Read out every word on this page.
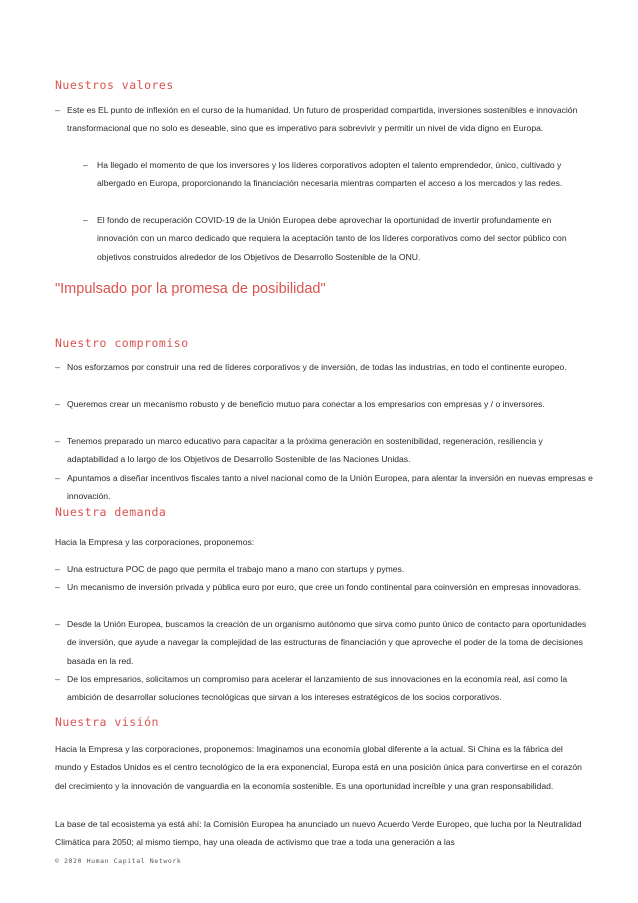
Nuestros valores
– Este es EL punto de inflexión en el curso de la humanidad. Un futuro de prosperidad compartida, inversiones sostenibles e innovación transformacional que no solo es deseable, sino que es imperativo para sobrevivir y permitir un nivel de vida digno en Europa.
– Ha llegado el momento de que los inversores y los líderes corporativos adopten el talento emprendedor, único, cultivado y albergado en Europa, proporcionando la financiación necesaria mientras comparten el acceso a los mercados y las redes.
– El fondo de recuperación COVID-19 de la Unión Europea debe aprovechar la oportunidad de invertir profundamente en innovación con un marco dedicado que requiera la aceptación tanto de los líderes corporativos como del sector público con objetivos construidos alrededor de los Objetivos de Desarrollo Sostenible de la ONU.
"Impulsado por la promesa de posibilidad"
Nuestro compromiso
– Nos esforzamos por construir una red de líderes corporativos y de inversión, de todas las industrias, en todo el continente europeo.
– Queremos crear un mecanismo robusto y de beneficio mutuo para conectar a los empresarios con empresas y / o inversores.
– Tenemos preparado un marco educativo para capacitar a la próxima generación en sostenibilidad, regeneración, resiliencia y adaptabilidad a lo largo de los Objetivos de Desarrollo Sostenible de las Naciones Unidas.
– Apuntamos a diseñar incentivos fiscales tanto a nivel nacional como de la Unión Europea, para alentar la inversión en nuevas empresas e innovación.
Nuestra demanda
Hacia la Empresa y las corporaciones, proponemos:
– Una estructura POC de pago que permita el trabajo mano a mano con startups y pymes.
– Un mecanismo de inversión privada y pública euro por euro, que cree un fondo continental para coinversión en empresas innovadoras.
– Desde la Unión Europea, buscamos la creación de un organismo autónomo que sirva como punto único de contacto para oportunidades de inversión, que ayude a navegar la complejidad de las estructuras de financiación y que aproveche el poder de la toma de decisiones basada en la red.
– De los empresarios, solicitamos un compromiso para acelerar el lanzamiento de sus innovaciones en la economía real, así como la ambición de desarrollar soluciones tecnológicas que sirvan a los intereses estratégicos de los socios corporativos.
Nuestra visión

Hacia la Empresa y las corporaciones, proponemos: Imaginamos una economía global diferente a la actual. Si China es la fábrica del mundo y Estados Unidos es el centro tecnológico de la era exponencial, Europa está en una posición única para convertirse en el corazón del crecimiento y la innovación de vanguardia en la economía sostenible. Es una oportunidad increíble y una gran responsabilidad.

La base de tal ecosistema ya está ahí: la Comisión Europea ha anunciado un nuevo Acuerdo Verde Europeo, que lucha por la Neutralidad Climática para 2050; al mismo tiempo, hay una oleada de activismo que trae a toda una generación a las

© 2020 Human Capital Network
